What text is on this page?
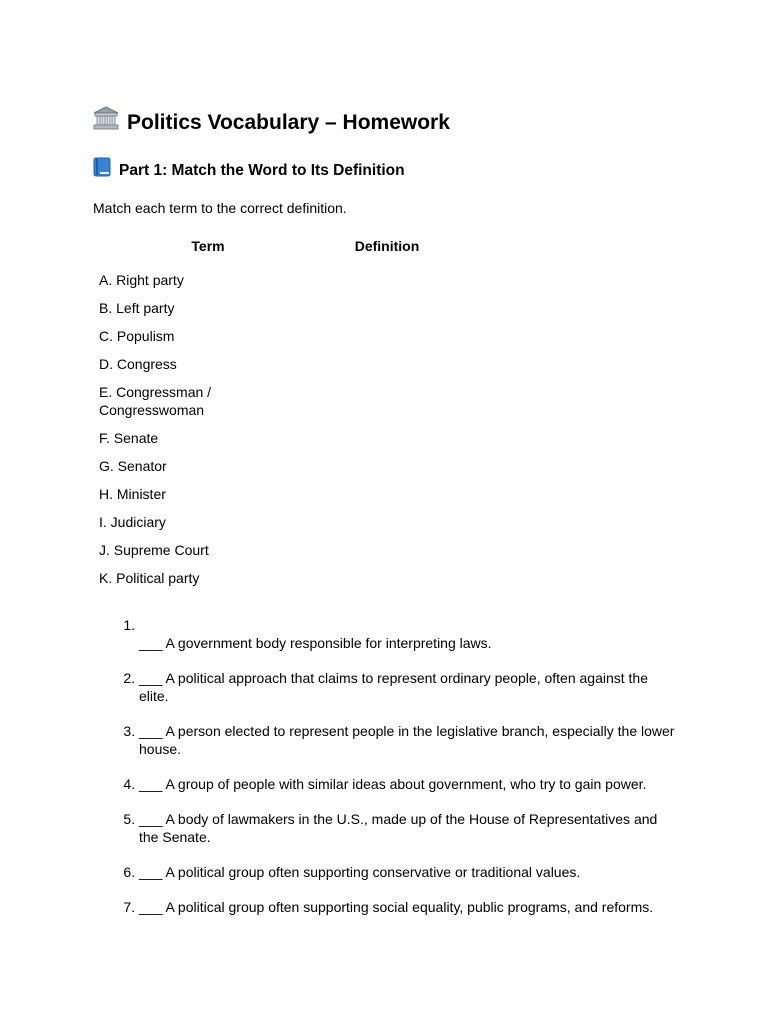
Politics Vocabulary – Homework
Part 1: Match the Word to Its Definition

Match each term to the correct definition.

Term	Definition
A. Right party	
B. Left party	
C. Populism	
D. Congress	
E. Congressman / Congresswoman	
F. Senate	
G. Senator	
H. Minister	
I. Judiciary	
J. Supreme Court	
K. Political party	

1. ___ A government body responsible for interpreting laws.
2. ___ A political approach that claims to represent ordinary people, often against the elite.
3. ___ A person elected to represent people in the legislative branch, especially the lower house.
4. ___ A group of people with similar ideas about government, who try to gain power.
5. ___ A body of lawmakers in the U.S., made up of the House of Representatives and the Senate.
6. ___ A political group often supporting conservative or traditional values.
7. ___ A political group often supporting social equality, public programs, and reforms.
